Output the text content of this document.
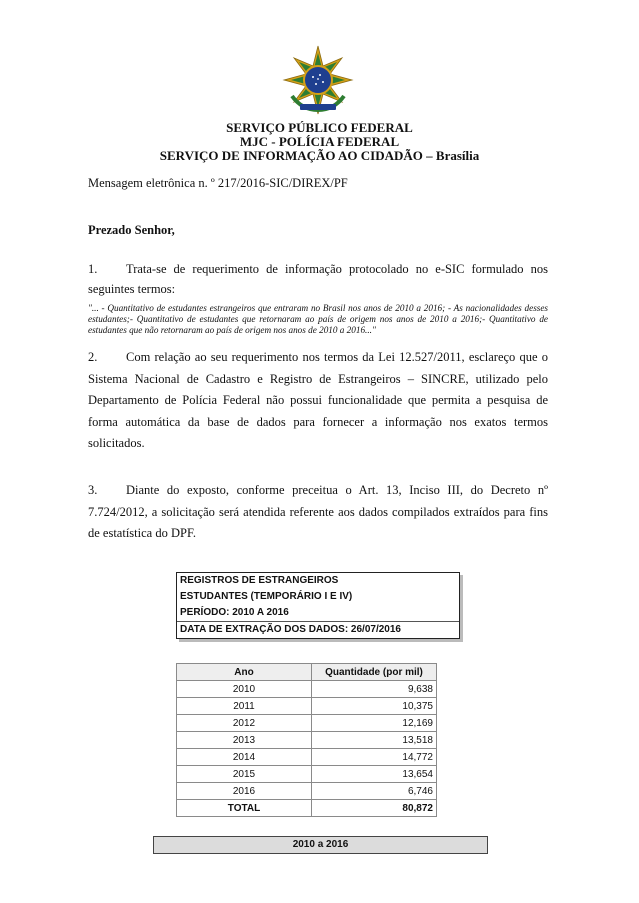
SERVIÇO PÚBLICO FEDERAL
MJC - POLÍCIA FEDERAL
SERVIÇO DE INFORMAÇÃO AO CIDADÃO – Brasília
Mensagem eletrônica n. º 217/2016-SIC/DIREX/PF
Prezado Senhor,
1. Trata-se de requerimento de informação protocolado no e-SIC formulado nos seguintes termos:
"... - Quantitativo de estudantes estrangeiros que entraram no Brasil nos anos de 2010 a 2016; - As nacionalidades desses estudantes;- Quantitativo de estudantes que retornaram ao país de origem nos anos de 2010 a 2016;- Quantitativo de estudantes que não retornaram ao país de origem nos anos de 2010 a 2016..."
2. Com relação ao seu requerimento nos termos da Lei 12.527/2011, esclareço que o Sistema Nacional de Cadastro e Registro de Estrangeiros – SINCRE, utilizado pelo Departamento de Polícia Federal não possui funcionalidade que permita a pesquisa de forma automática da base de dados para fornecer a informação nos exatos termos solicitados.
3. Diante do exposto, conforme preceitua o Art. 13, Inciso III, do Decreto nº 7.724/2012, a solicitação será atendida referente aos dados compilados extraídos para fins de estatística do DPF.
REGISTROS DE ESTRANGEIROS
ESTUDANTES (TEMPORÁRIO I E IV)
PERÍODO: 2010 A 2016
DATA DE EXTRAÇÃO DOS DADOS: 26/07/2016
Ano	Quantidade (por mil)
2010	9,638
2011	10,375
2012	12,169
2013	13,518
2014	14,772
2015	13,654
2016	6,746
TOTAL	80,872
2010 a 2016
